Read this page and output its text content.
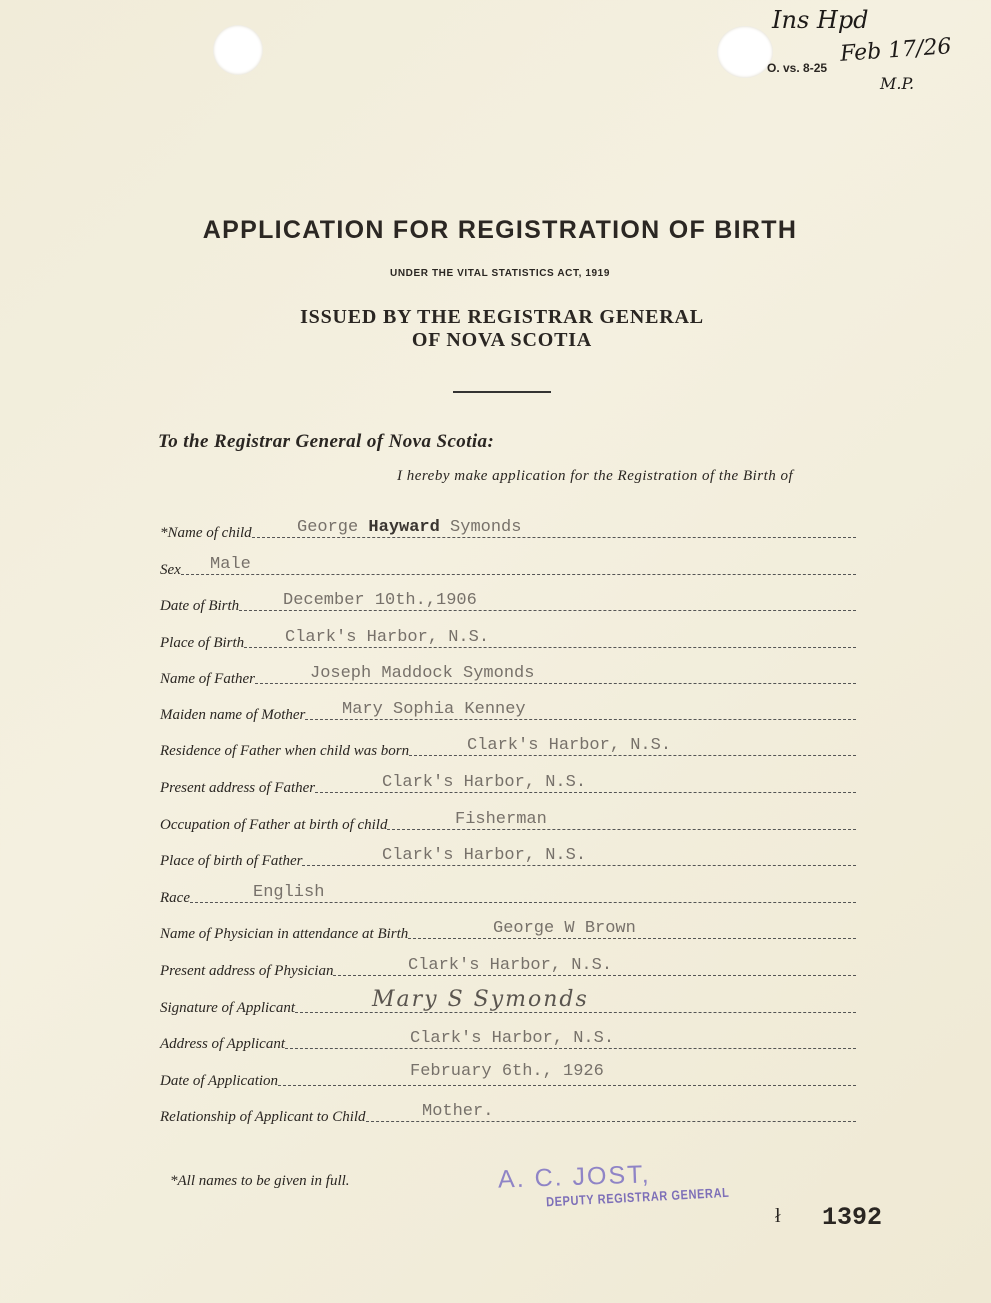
O. vs. 8-25
Ins Hpd
Feb 17/26
M.P.
APPLICATION FOR REGISTRATION OF BIRTH
UNDER THE VITAL STATISTICS ACT, 1919
ISSUED BY THE REGISTRAR GENERAL
OF NOVA SCOTIA
To the Registrar General of Nova Scotia:
I hereby make application for the Registration of the Birth of
*Name of child	George Hayward Symonds
Sex Male
Date of Birth	December 10th.,1906
Place of Birth Clark's Harbor, N.S.
Name of Father	Joseph Maddock Symonds
Maiden name of Mother Mary Sophia Kenney
Residence of Father when child was born	Clark's Harbor, N.S.
Present address of Father	Clark's Harbor, N.S.
Occupation of Father at birth of child	Fisherman
Place of birth of Father	Clark's Harbor, N.S.
Race	English
Name of Physician in attendance at Birth	George W Brown
Present address of Physician	Clark's Harbor, N.S.
Signature of Applicant	Mary S Symonds
Address of Applicant	Clark's Harbor, N.S.
Date of Application	February 6th., 1926
Relationship of Applicant to Child	Mother.
*All names to be given in full.	A. C. JOST,
DEPUTY REGISTRAR GENERAL
ł 1392
